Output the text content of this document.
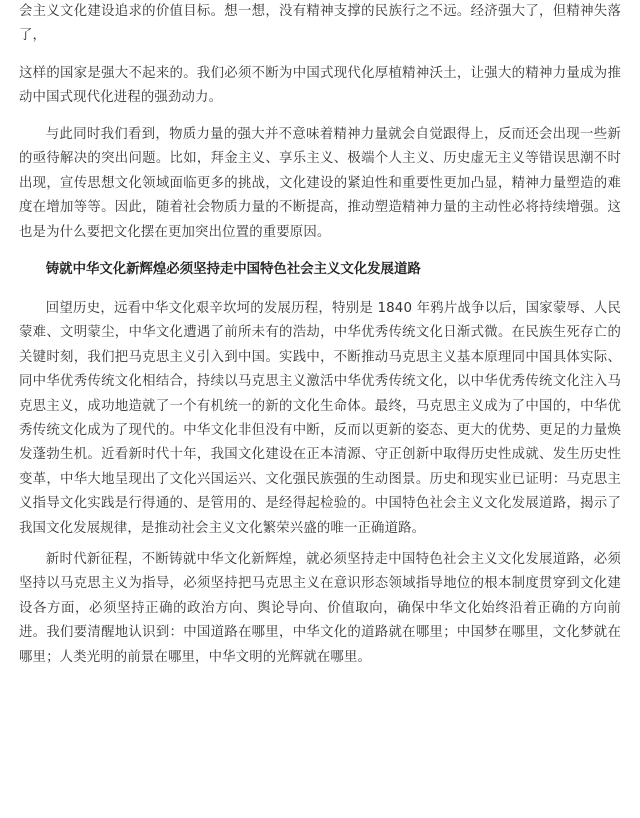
会主义文化建设追求的价值目标。想一想，没有精神支撑的民族行之不远。经济强大了，但精神失落了，

这样的国家是强大不起来的。我们必须不断为中国式现代化厚植精神沃土，让强大的精神力量成为推动中国式现代化进程的强劲动力。

与此同时我们看到，物质力量的强大并不意味着精神力量就会自觉跟得上，反而还会出现一些新的亟待解决的突出问题。比如，拜金主义、享乐主义、极端个人主义、历史虚无主义等错误思潮不时出现，宣传思想文化领域面临更多的挑战，文化建设的紧迫性和重要性更加凸显，精神力量塑造的难度在增加等等。因此，随着社会物质力量的不断提高，推动塑造精神力量的主动性必将持续增强。这也是为什么要把文化摆在更加突出位置的重要原因。

铸就中华文化新辉煌必须坚持走中国特色社会主义文化发展道路

回望历史，远看中华文化艰辛坎坷的发展历程，特别是 1840 年鸦片战争以后，国家蒙辱、人民蒙难、文明蒙尘，中华文化遭遇了前所未有的浩劫，中华优秀传统文化日渐式微。在民族生死存亡的关键时刻，我们把马克思主义引入到中国。实践中，不断推动马克思主义基本原理同中国具体实际、同中华优秀传统文化相结合，持续以马克思主义激活中华优秀传统文化，以中华优秀传统文化注入马克思主义，成功地造就了一个有机统一的新的文化生命体。最终，马克思主义成为了中国的，中华优秀传统文化成为了现代的。中华文化非但没有中断，反而以更新的姿态、更大的优势、更足的力量焕发蓬勃生机。近看新时代十年，我国文化建设在正本清源、守正创新中取得历史性成就、发生历史性变革，中华大地呈现出了文化兴国运兴、文化强民族强的生动图景。历史和现实业已证明：马克思主义指导文化实践是行得通的、是管用的、是经得起检验的。中国特色社会主义文化发展道路，揭示了我国文化发展规律，是推动社会主义文化繁荣兴盛的唯一正确道路。

新时代新征程，不断铸就中华文化新辉煌，就必须坚持走中国特色社会主义文化发展道路，必须坚持以马克思主义为指导，必须坚持把马克思主义在意识形态领域指导地位的根本制度贯穿到文化建设各方面，必须坚持正确的政治方向、舆论导向、价值取向，确保中华文化始终沿着正确的方向前进。我们要清醒地认识到：中国道路在哪里，中华文化的道路就在哪里；中国梦在哪里，文化梦就在哪里；人类光明的前景在哪里，中华文明的光辉就在哪里。
